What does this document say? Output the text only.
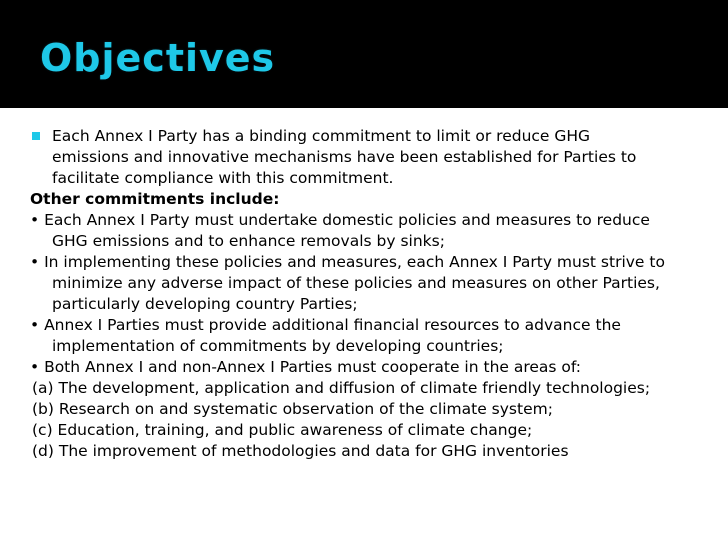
Objectives
Each Annex I Party has a binding commitment to limit or reduce GHG
emissions and innovative mechanisms have been established for Parties to
facilitate compliance with this commitment.
Other commitments include:
• Each Annex I Party must undertake domestic policies and measures to reduce
GHG emissions and to enhance removals by sinks;
• In implementing these policies and measures, each Annex I Party must strive to
minimize any adverse impact of these policies and measures on other Parties,
particularly developing country Parties;
• Annex I Parties must provide additional financial resources to advance the
implementation of commitments by developing countries;
• Both Annex I and non-Annex I Parties must cooperate in the areas of:
(a) The development, application and diffusion of climate friendly technologies;
(b) Research on and systematic observation of the climate system;
(c) Education, training, and public awareness of climate change;
(d) The improvement of methodologies and data for GHG inventories
